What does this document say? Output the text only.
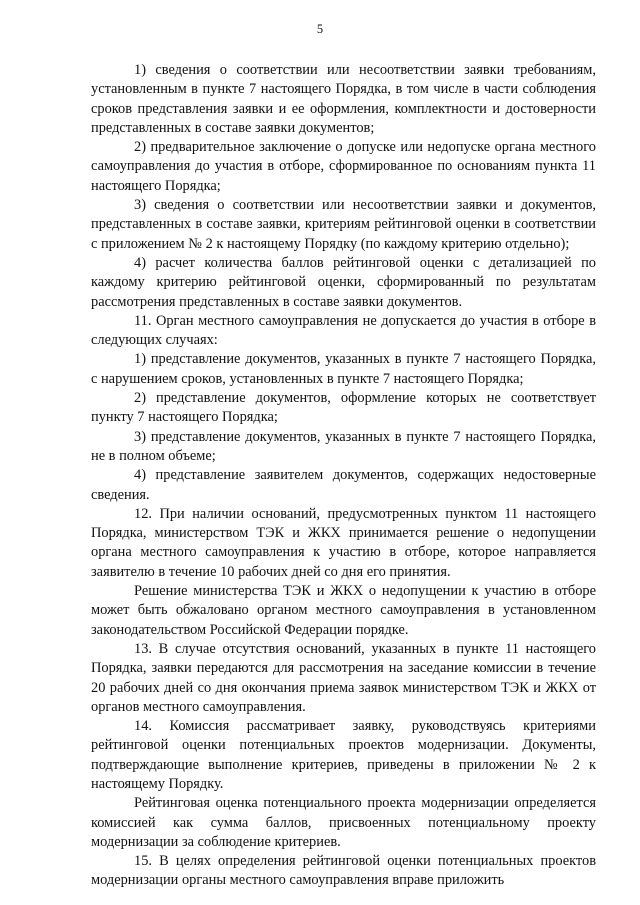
5

1) сведения о соответствии или несоответствии заявки требованиям, установленным в пункте 7 настоящего Порядка, в том числе в части соблюдения сроков представления заявки и ее оформления, комплектности и достоверности представленных в составе заявки документов;

2) предварительное заключение о допуске или недопуске органа местного самоуправления до участия в отборе, сформированное по основаниям пункта 11 настоящего Порядка;

3) сведения о соответствии или несоответствии заявки и документов, представленных в составе заявки, критериям рейтинговой оценки в соответствии с приложением № 2 к настоящему Порядку (по каждому критерию отдельно);

4) расчет количества баллов рейтинговой оценки с детализацией по каждому критерию рейтинговой оценки, сформированный по результатам рассмотрения представленных в составе заявки документов.

11. Орган местного самоуправления не допускается до участия в отборе в следующих случаях:

1) представление документов, указанных в пункте 7 настоящего Порядка, с нарушением сроков, установленных в пункте 7 настоящего Порядка;

2) представление документов, оформление которых не соответствует пункту 7 настоящего Порядка;

3) представление документов, указанных в пункте 7 настоящего Порядка, не в полном объеме;

4) представление заявителем документов, содержащих недостоверные сведения.

12. При наличии оснований, предусмотренных пунктом 11 настоящего Порядка, министерством ТЭК и ЖКХ принимается решение о недопущении органа местного самоуправления к участию в отборе, которое направляется заявителю в течение 10 рабочих дней со дня его принятия.

Решение министерства ТЭК и ЖКХ о недопущении к участию в отборе может быть обжаловано органом местного самоуправления в установленном законодательством Российской Федерации порядке.

13. В случае отсутствия оснований, указанных в пункте 11 настоящего Порядка, заявки передаются для рассмотрения на заседание комиссии в течение 20 рабочих дней со дня окончания приема заявок министерством ТЭК и ЖКХ от органов местного самоуправления.

14. Комиссия рассматривает заявку, руководствуясь критериями рейтинговой оценки потенциальных проектов модернизации. Документы, подтверждающие выполнение критериев, приведены в приложении № 2 к настоящему Порядку.

Рейтинговая оценка потенциального проекта модернизации определяется комиссией как сумма баллов, присвоенных потенциальному проекту модернизации за соблюдение критериев.

15. В целях определения рейтинговой оценки потенциальных проектов модернизации органы местного самоуправления вправе приложить
